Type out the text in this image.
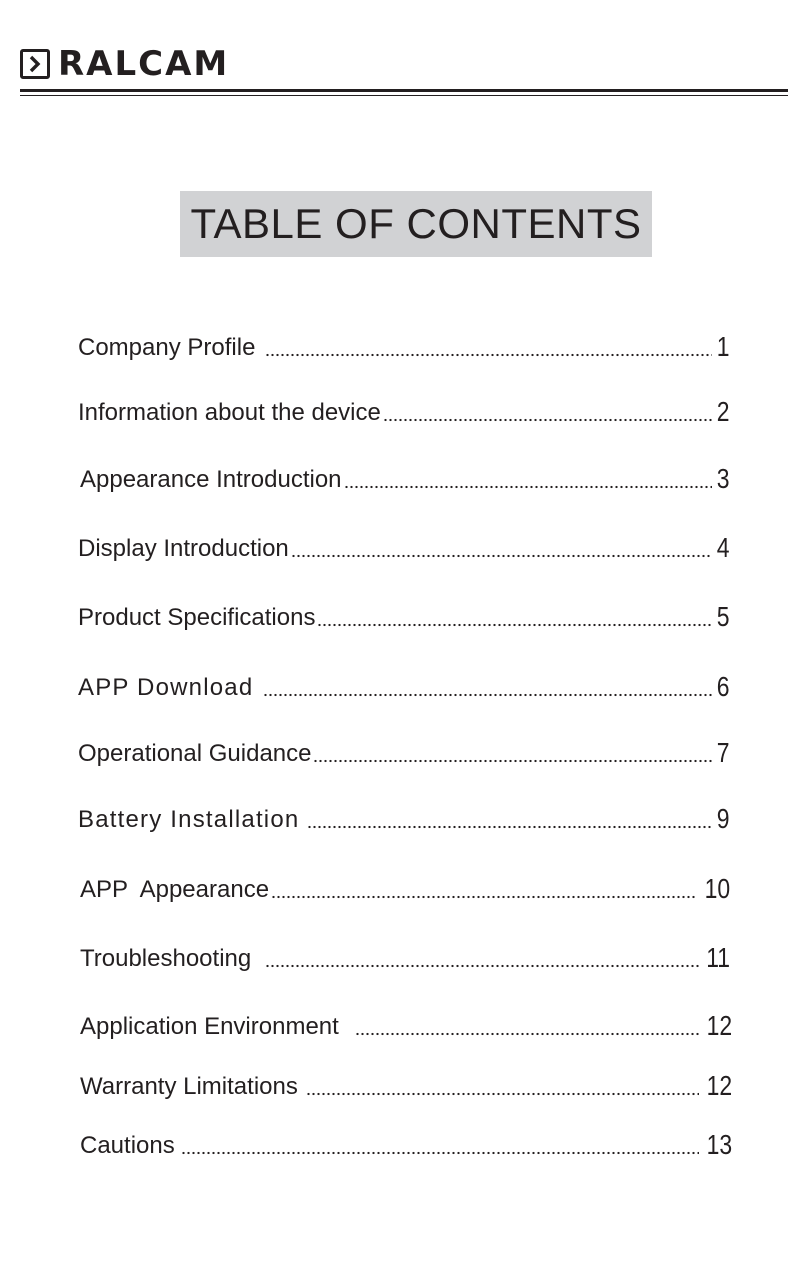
RALCAM
TABLE OF CONTENTS
Company Profile	1
Information about the device	2
Appearance Introduction	3
Display Introduction	4
Product Specifications	5
APP Download	6
Operational Guidance	7
Battery Installation	9
APP  Appearance	10
Troubleshooting	11
Application Environment	12
Warranty Limitations	12
Cautions	13
